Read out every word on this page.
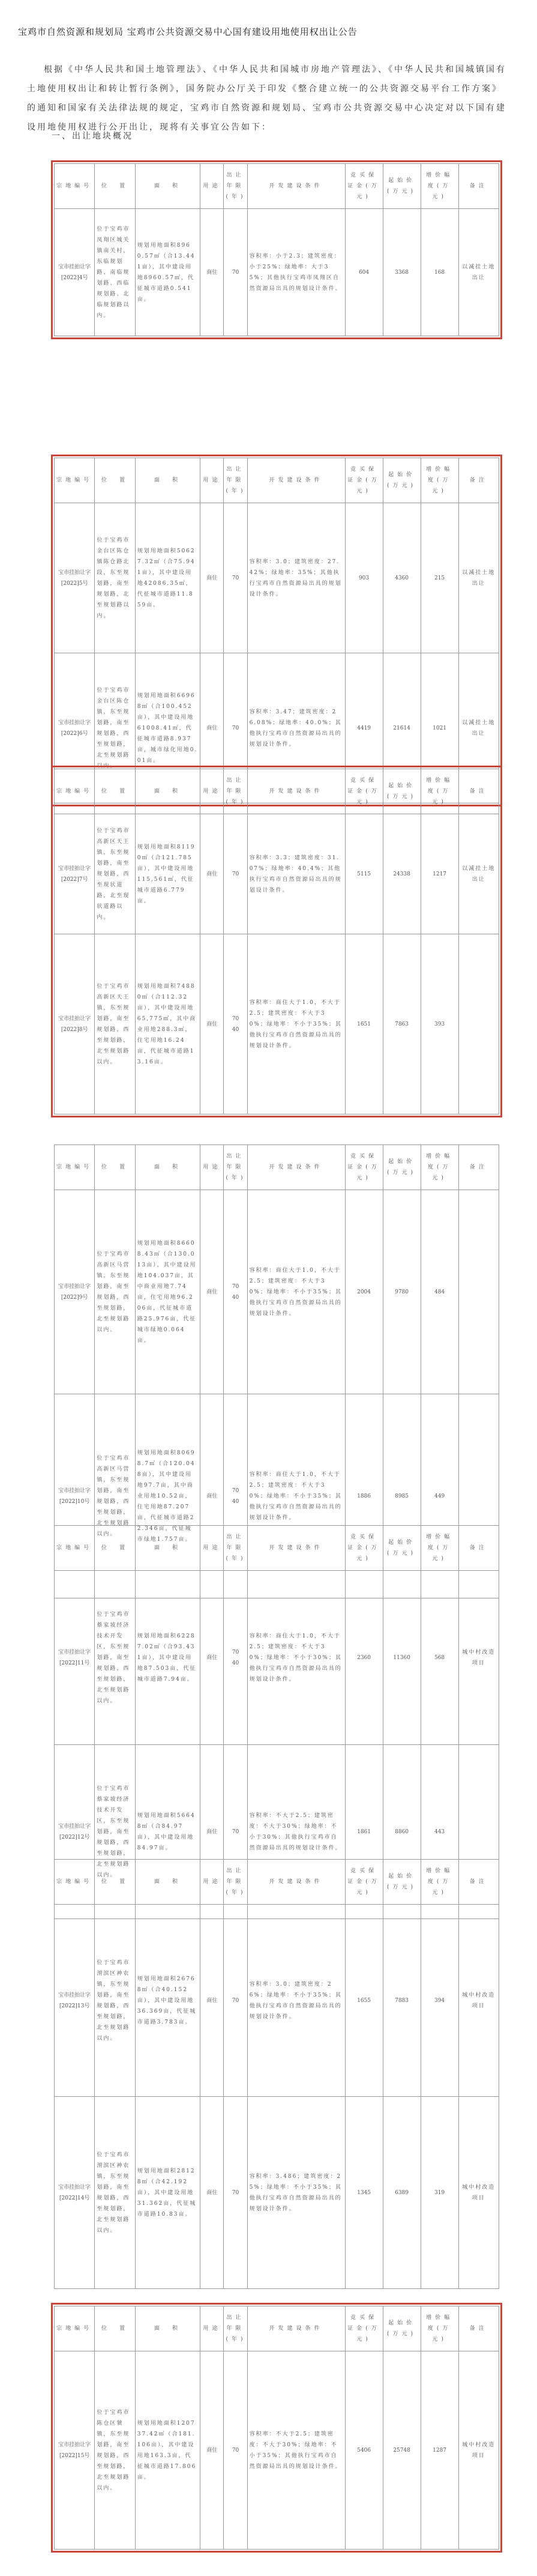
宝鸡市自然资源和规划局 宝鸡市公共资源交易中心国有建设用地使用权出让公告
根据《中华人民共和国土地管理法》、《中华人民共和国城市房地产管理法》、《中华人民共和国城镇国有土地使用权出让和转让暂行条例》，国务院办公厅关于印发《整合建立统一的公共资源交易平台工作方案》的通知和国家有关法律法规的规定，宝鸡市自然资源和规划局、宝鸡市公共资源交易中心决定对以下国有建设用地使用权进行公开出让，现将有关事宜公告如下：
一、出让地块概况
宗地编号	位　置	面　积	用途	出让年限(年)	开发建设条件	竞买保证金(万元)	起始价(万元)	增价幅度(万元)	备注
宝市挂拍让字[2022]4号	位于宝鸡市凤翔区城关镇南关村，东临规划路、南临规划路、西临规划路、北临规划路以内。	规划用地面积8960.57㎡（合13.441亩），其中建设用地8960.57㎡，代征城市道路0.541亩。	商住	70	容积率：小于2.3；建筑密度：小于25%；绿地率：大于35%；其他执行宝鸡市凤翔区自然资源局出具的规划设计条件。	604	3368	168	以减挂土地出让
宗地编号	位　置	面　积	用途	出让年限(年)	开发建设条件	竞买保证金(万元)	起始价(万元)	增价幅度(万元)	备注
宝市挂拍让字[2022]5号	位于宝鸡市金台区陈仓镇陈仓路北段，东至规划路，南至规划路，北至规划路以内。	规划用地面积50627.32㎡（合75.941亩），其中建设用地42086.35㎡，代征城市道路11.859亩。	商住	70	容积率：3.0；建筑密度：27.42%；绿地率：35%；其他执行宝鸡市自然资源局出具的规划设计条件。	903	4360	215	以减挂土地出让
宝市挂拍让字[2022]6号	位于宝鸡市金台区陈仓镇，东至规划路，南至规划路，西至规划路，北至规划路以内。	规划用地面积66968㎡（合100.452亩），其中建设用地61008.41㎡，代征城市道路8.937亩，城市绿化用地0.01亩。	商住	70	容积率：3.47；建筑密度：26.08%；绿地率：40.0%；其他执行宝鸡市自然资源局出具的规划设计条件。	4419	21614	1021	以减挂土地出让
宗地编号	位　置	面　积	用途	出让年限(年)	开发建设条件	竞买保证金(万元)	起始价(万元)	增价幅度(万元)	备注
宝市挂拍让字[2022]7号	位于宝鸡市高新区天王镇，东至规划路，南至规划路，西至现状道路，北至现状道路以内。	规划用地面积81190㎡（合121.785亩），其中建设用地115,561㎡，代征城市道路6.779亩。	商住	70	容积率：3.3；建筑密度：31.07%；绿地率：40.4%；其他执行宝鸡市自然资源局出具的规划设计条件。	5115	24338	1217	以减挂土地出让
宝市挂拍让字[2022]8号	位于宝鸡市高新区天王镇，东至规划路，南至规划路，西至规划路，北至规划路以内。	规划用地面积74880㎡（合112.32亩），其中建设用地65,775㎡，其中商业用地288.3㎡，住宅用地16.24亩，代征城市道路13.16亩。	商住	70
40	容积率：商住大于1.0，不大于2.5；建筑密度：不大于30%；绿地率：不小于35%；其他执行宝鸡市自然资源局出具的规划设计条件。	1651	7863	393	
宗地编号	位　置	面　积	用途	出让年限(年)	开发建设条件	竞买保证金(万元)	起始价(万元)	增价幅度(万元)	备注
宝市挂拍让字[2022]9号	位于宝鸡市高新区马营镇，东至规划路，南至规划路，西至规划路，北至规划路以内。	规划用地面积86608.43㎡（合130.013亩），其中建设用地104.037亩，其中商业用地7.74亩，住宅用地96.206亩，代征城市道路25.976亩，代征城市绿地0.064亩。	商住	70
40	容积率：商住大于1.0，不大于2.5；建筑密度：不大于30%；绿地率：不小于35%；其他执行宝鸡市自然资源局出具的规划设计条件。	2004	9780	484	
宝市挂拍让字[2022]10号	位于宝鸡市高新区马营镇，东至规划路，南至规划路，西至规划路，北至规划路以内。	规划用地面积80698.7㎡（合120.048亩），其中建设用地97.7亩，其中商业用地10.52亩，住宅用地87.207亩，代征城市道路22.346亩，代征城市绿地1.757亩。	商住	70
40	容积率：商住大于1.0，不大于2.5；建筑密度：不大于30%；绿地率：不小于35%；其他执行宝鸡市自然资源局出具的规划设计条件。	1886	8985	449	
宗地编号	位　置	面　积	用途	出让年限(年)	开发建设条件	竞买保证金(万元)	起始价(万元)	增价幅度(万元)	备注
宝市挂拍让字[2022]11号	位于宝鸡市蔡家坡经济技术开发区，东至规划路，南至规划路，西至规划路，北至规划路以内。	规划用地面积62287.02㎡（合93.431亩），其中建设用地87.503亩，代征城市道路7.94亩。	商住	70
40	容积率：商住大于1.0，不大于2.5；建筑密度：不大于30%；绿地率：不小于30%；其他执行宝鸡市自然资源局出具的规划设计条件。	2360	11360	568	城中村改造项目
宝市挂拍让字[2022]12号	位于宝鸡市蔡家坡经济技术开发区，东至规划路，南至规划路，西至规划路，北至规划路以内。	规划用地面积56648㎡（合84.97亩），其中建设用地84.97亩。	商住	70	容积率：不大于2.5；建筑密度：不大于30%；绿地率：不小于30%；其他执行宝鸡市自然资源局出具的规划设计条件。	1861	8860	443	
宗地编号	位　置	面　积	用途	出让年限(年)	开发建设条件	竞买保证金(万元)	起始价(万元)	增价幅度(万元)	备注
宝市挂拍让字[2022]13号	位于宝鸡市渭滨区神农镇，东至规划路，南至规划路，西至规划路，北至规划路以内。	规划用地面积26768㎡（合40.152亩），其中建设用地36.369亩，代征城市道路3.783亩。	商住	70	容积率：3.0；建筑密度：26%；绿地率：不小于35%；其他执行宝鸡市自然资源局出具的规划设计条件。	1655	7883	394	城中村改造项目
宝市挂拍让字[2022]14号	位于宝鸡市渭滨区神农镇，东至规划路，南至规划路，西至规划路，北至规划路以内。	规划用地面积28128㎡（合42.192亩），其中建设用地31.362亩，代征城市道路10.83亩。	商住	70	容积率：3.486；建筑密度：25%；绿地率：不小于35%；其他执行宝鸡市自然资源局出具的规划设计条件。	1345	6389	319	城中村改造项目
宗地编号	位　置	面　积	用途	出让年限(年)	开发建设条件	竞买保证金(万元)	起始价(万元)	增价幅度(万元)	备注
宝市挂拍让字[2022]15号	位于宝鸡市陈仓区虢镇，东至规划路，南至规划路，西至规划路，北至规划路以内。	规划用地面积120737.42㎡（合181.106亩），其中建设用地163.3亩，代征城市道路17.806亩。	商住	70	容积率：不大于2.5；建筑密度：不大于30%；绿地率：不小于35%；其他执行宝鸡市自然资源局出具的规划设计条件。	5406	25748	1287	城中村改造项目
